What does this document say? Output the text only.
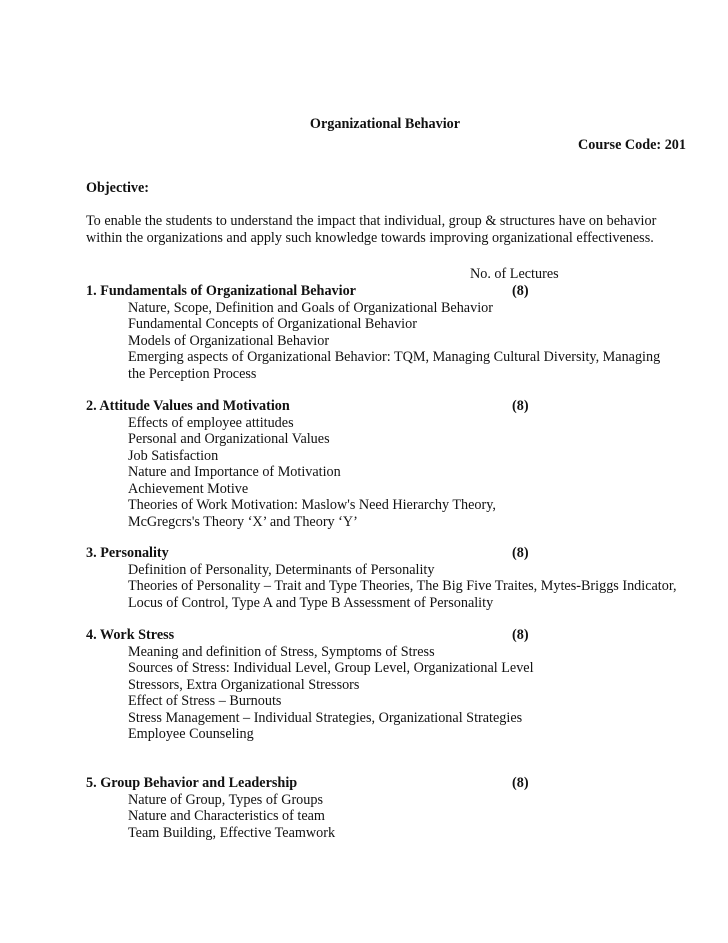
Organizational Behavior
Course Code: 201
Objective:
To enable the students to understand the impact that individual, group & structures have on behavior
within the organizations and apply such knowledge towards improving organizational effectiveness.
No. of Lectures
1. Fundamentals of Organizational Behavior	(8)
Nature, Scope, Definition and Goals of Organizational Behavior
Fundamental Concepts of Organizational Behavior
Models of Organizational Behavior
Emerging aspects of Organizational Behavior: TQM, Managing Cultural Diversity, Managing
the Perception Process
2. Attitude Values and Motivation	(8)
Effects of employee attitudes
Personal and Organizational Values
Job Satisfaction
Nature and Importance of Motivation
Achievement Motive
Theories of Work Motivation: Maslow's Need Hierarchy Theory,
McGregcrs's Theory ‘X’ and Theory ‘Y’
3. Personality	(8)
Definition of Personality, Determinants of Personality
Theories of Personality – Trait and Type Theories, The Big Five Traites, Mytes-Briggs Indicator,
Locus of Control, Type A and Type B Assessment of Personality
4. Work Stress	(8)
Meaning and definition of Stress, Symptoms of Stress
Sources of Stress: Individual Level, Group Level, Organizational Level
Stressors, Extra Organizational Stressors
Effect of Stress – Burnouts
Stress Management – Individual Strategies, Organizational Strategies
Employee Counseling
5. Group Behavior and Leadership	(8)
Nature of Group, Types of Groups
Nature and Characteristics of team
Team Building, Effective Teamwork
